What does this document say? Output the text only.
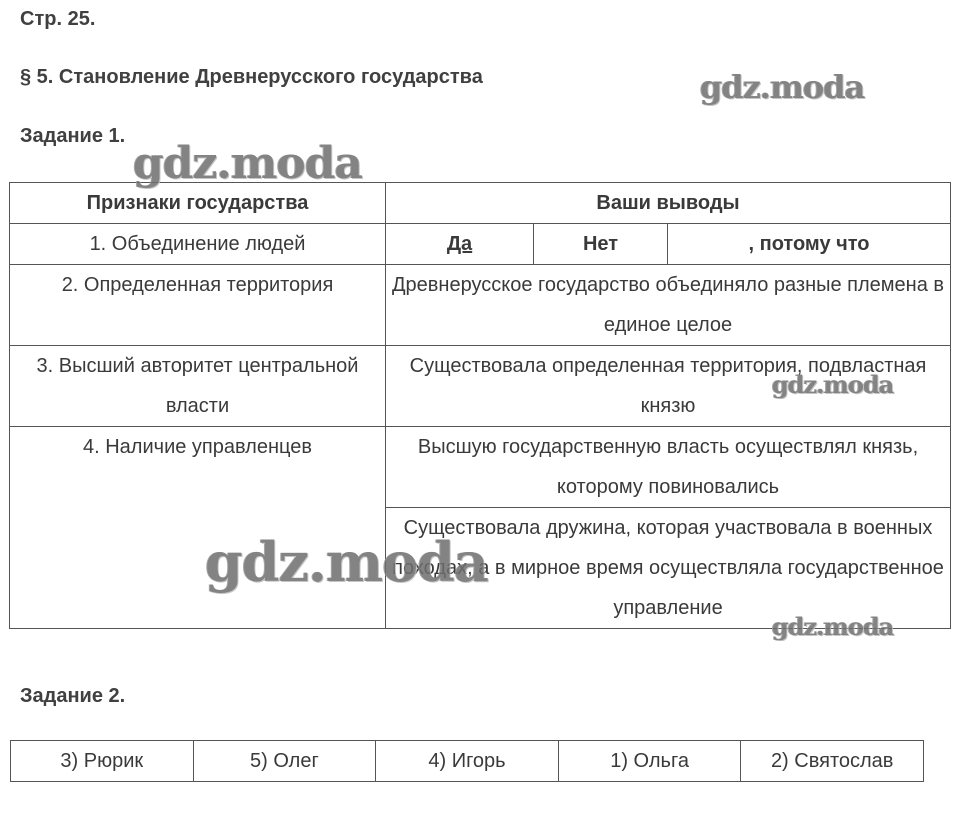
Стр. 25.
§ 5. Становление Древнерусского государства
Задание 1.
Признаки государства	Ваши выводы		
1. Объединение людей	Да	Нет	, потому что
2. Определенная территория	Древнерусское государство объединяло разные племена в единое целое		
3. Высший авторитет центральной власти	Существовала определенная территория, подвластная князю		
4. Наличие управленцев	Высшую государственную власть осуществлял князь, которому повиновались		
	Существовала дружина, которая участвовала в военных походах, а в мирное время осуществляла государственное управление		
Задание 2.
3) Рюрик	5) Олег	4) Игорь	1) Ольга	2) Святослав
gdz.moda
gdz.moda
gdz.moda
gdz.moda
gdz.moda
